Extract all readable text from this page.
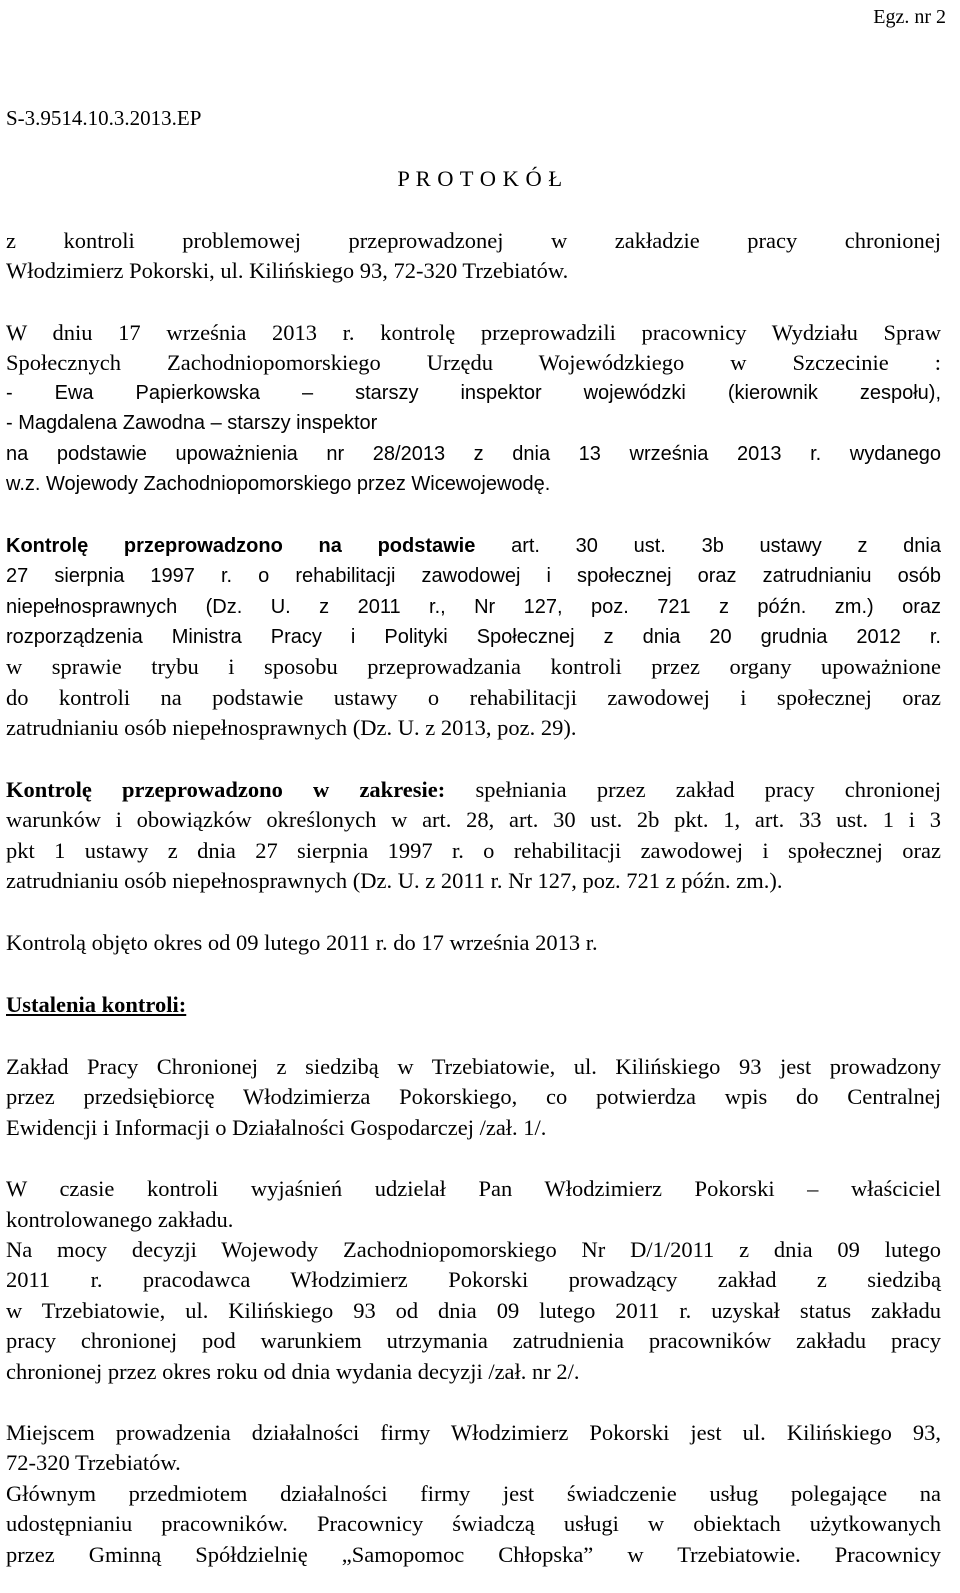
Egz. nr 2
S-3.9514.10.3.2013.EP
P R O T O K Ó Ł
z kontroli problemowej przeprowadzonej w zakładzie pracy chronionej
Włodzimierz Pokorski, ul. Kilińskiego 93, 72-320 Trzebiatów.
W dniu 17 września 2013 r. kontrolę przeprowadzili pracownicy Wydziału Spraw
Społecznych Zachodniopomorskiego Urzędu Wojewódzkiego w Szczecinie :
- Ewa Papierkowska – starszy inspektor wojewódzki (kierownik zespołu),
- Magdalena Zawodna – starszy inspektor
na podstawie upoważnienia nr 28/2013 z dnia 13 września 2013 r. wydanego
w.z. Wojewody Zachodniopomorskiego przez Wicewojewodę.
Kontrolę przeprowadzono na podstawie art. 30 ust. 3b ustawy z dnia
27 sierpnia 1997 r. o rehabilitacji zawodowej i społecznej oraz zatrudnianiu osób
niepełnosprawnych (Dz. U. z 2011 r., Nr 127, poz. 721 z późn. zm.) oraz
rozporządzenia Ministra Pracy i Polityki Społecznej z dnia 20 grudnia 2012 r.
w sprawie trybu i sposobu przeprowadzania kontroli przez organy upoważnione
do kontroli na podstawie ustawy o rehabilitacji zawodowej i społecznej oraz
zatrudnianiu osób niepełnosprawnych (Dz. U. z 2013, poz. 29).
Kontrolę przeprowadzono w zakresie: spełniania przez zakład pracy chronionej
warunków i obowiązków określonych w art. 28, art. 30 ust. 2b pkt. 1, art. 33 ust. 1 i 3
pkt 1 ustawy z dnia 27 sierpnia 1997 r. o rehabilitacji zawodowej i społecznej oraz
zatrudnianiu osób niepełnosprawnych (Dz. U. z 2011 r. Nr 127, poz. 721 z późn. zm.).
Kontrolą objęto okres od 09 lutego 2011 r. do 17 września 2013 r.
Ustalenia kontroli:
Zakład Pracy Chronionej z siedzibą w Trzebiatowie, ul. Kilińskiego 93 jest prowadzony
przez przedsiębiorcę Włodzimierza Pokorskiego, co potwierdza wpis do Centralnej
Ewidencji i Informacji o Działalności Gospodarczej /zał. 1/.
W czasie kontroli wyjaśnień udzielał Pan Włodzimierz Pokorski – właściciel
kontrolowanego zakładu.
Na mocy decyzji Wojewody Zachodniopomorskiego Nr D/1/2011 z dnia 09 lutego
2011 r. pracodawca Włodzimierz Pokorski prowadzący zakład z siedzibą
w Trzebiatowie, ul. Kilińskiego 93 od dnia 09 lutego 2011 r. uzyskał status zakładu
pracy chronionej pod warunkiem utrzymania zatrudnienia pracowników zakładu pracy
chronionej przez okres roku od dnia wydania decyzji /zał. nr 2/.
Miejscem prowadzenia działalności firmy Włodzimierz Pokorski jest ul. Kilińskiego 93,
72-320 Trzebiatów.
Głównym przedmiotem działalności firmy jest świadczenie usług polegające na
udostępnianiu pracowników. Pracownicy świadczą usługi w obiektach użytkowanych
przez Gminną Spółdzielnię „Samopomoc Chłopska” w Trzebiatowie. Pracownicy
